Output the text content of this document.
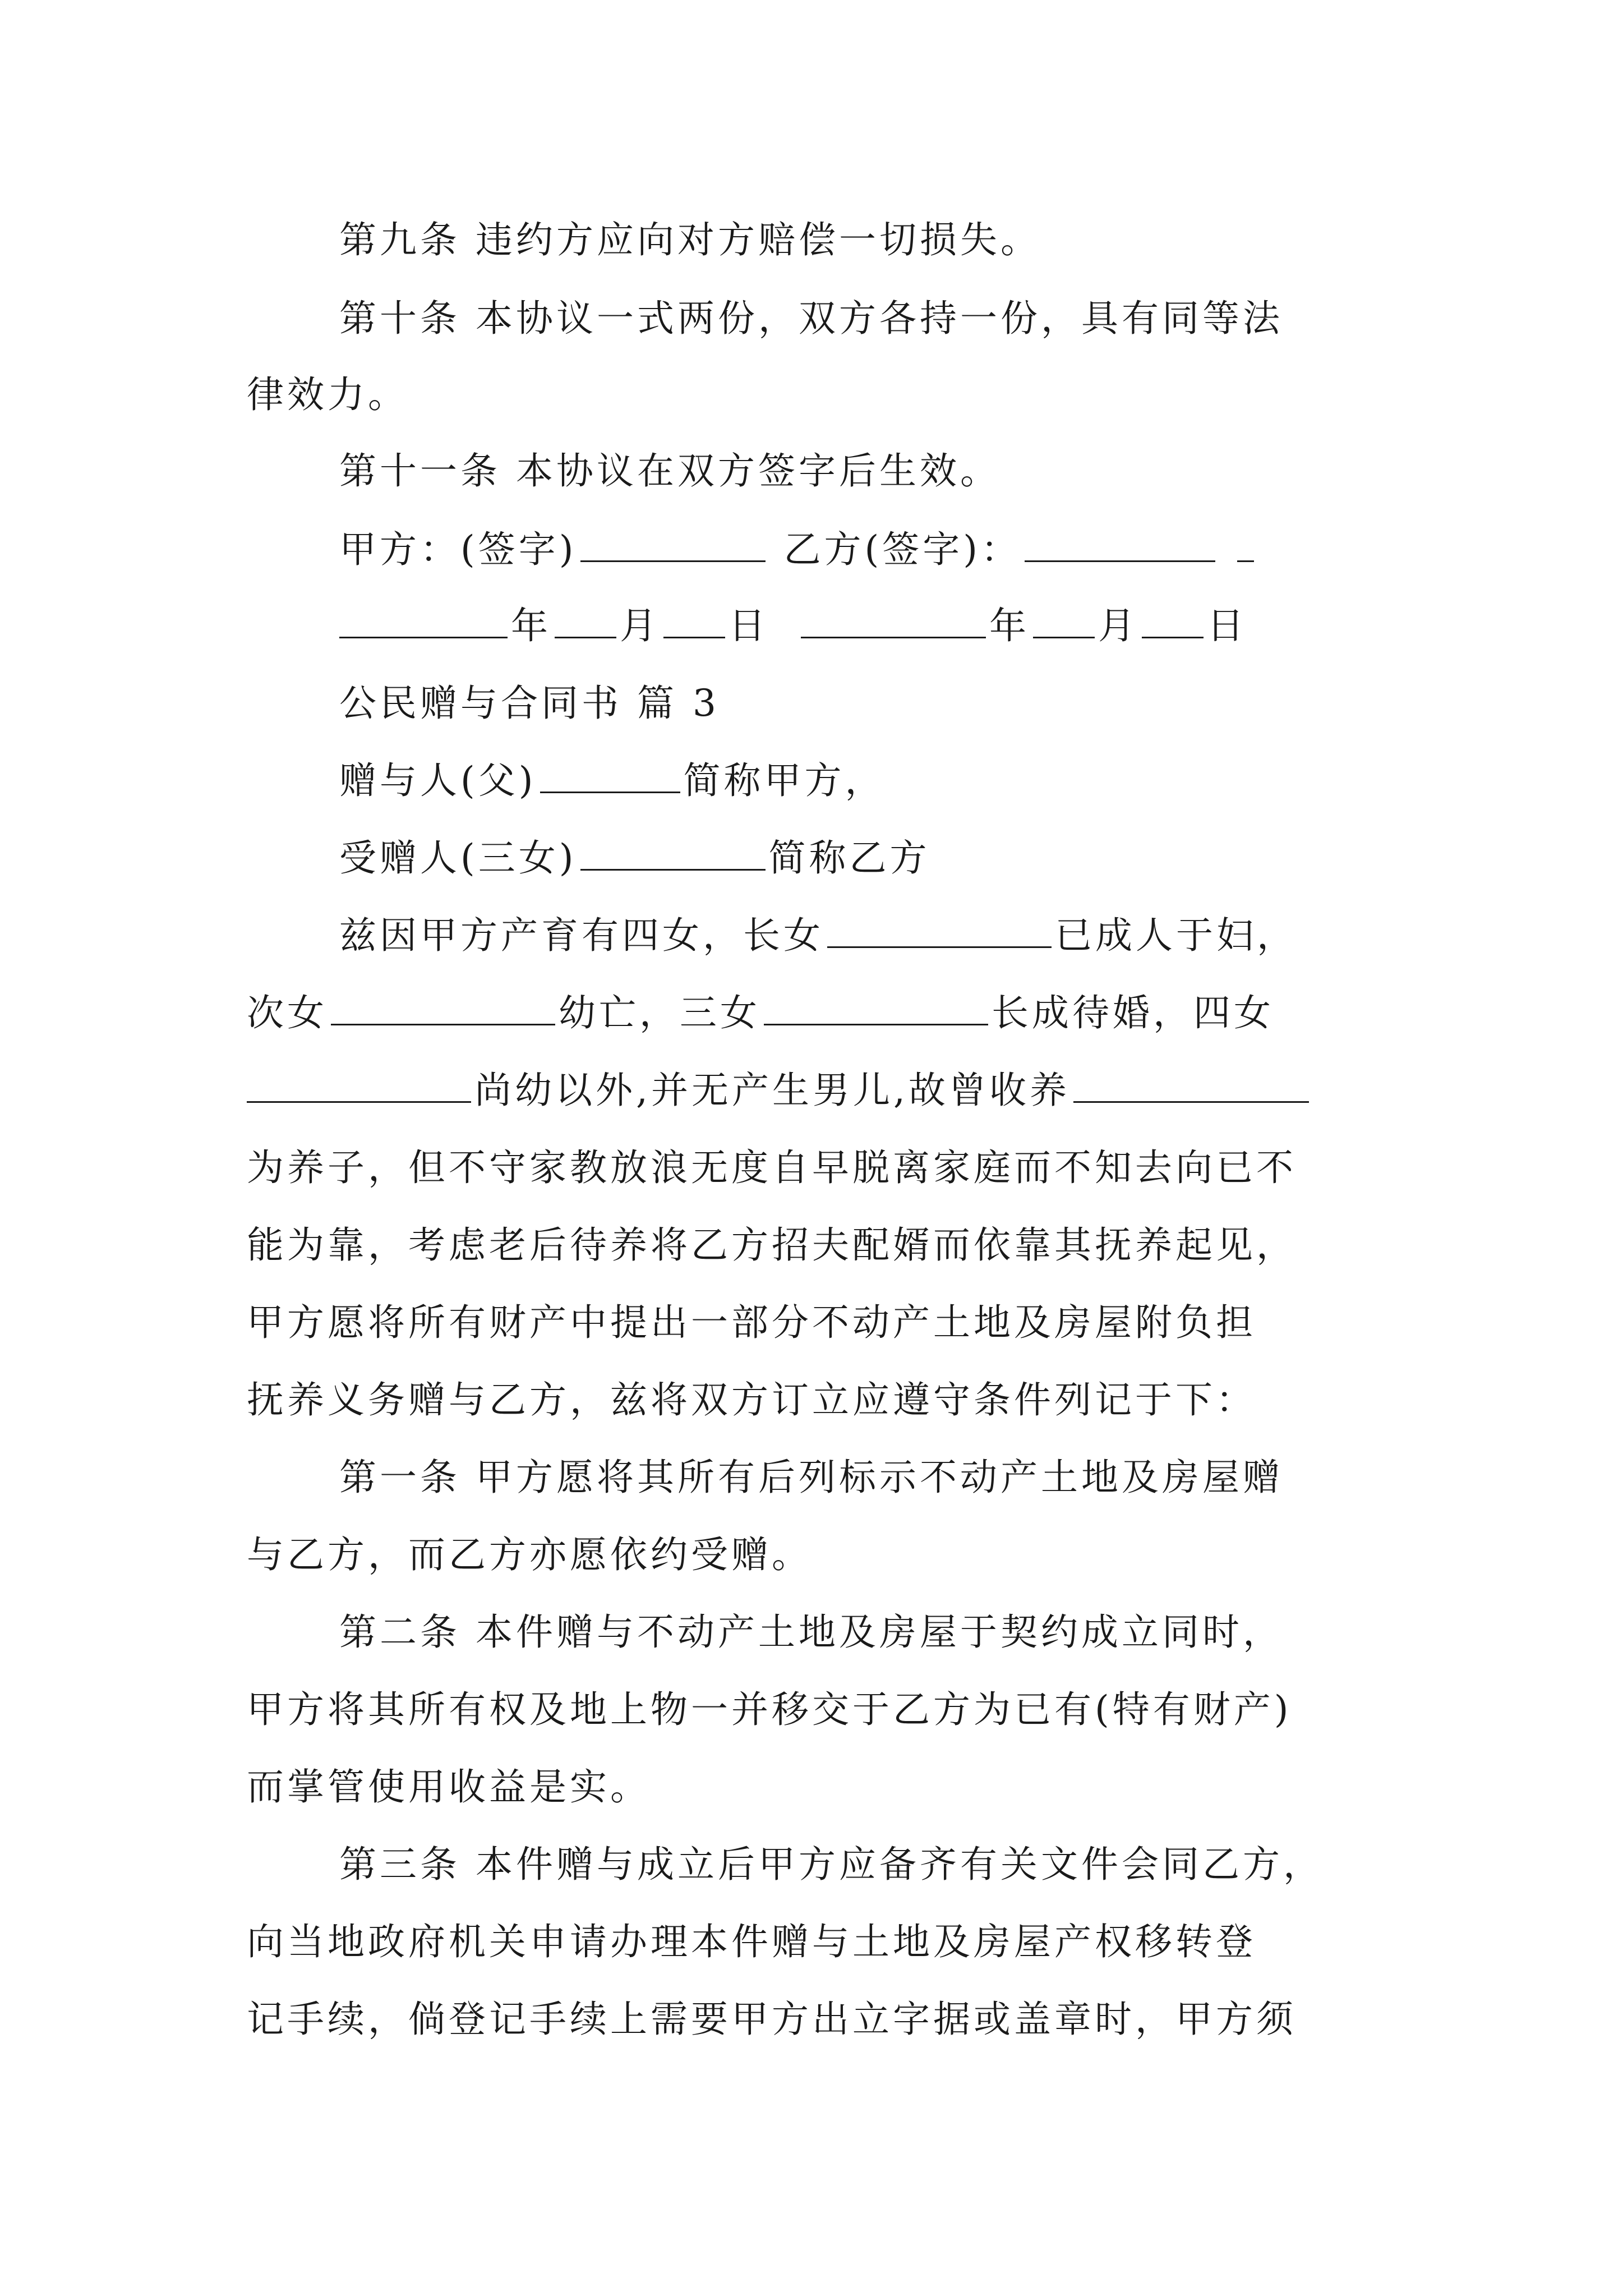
第九条 违约方应向对方赔偿一切损失。
第十条 本协议一式两份，双方各持一份，具有同等法
律效力。
第十一条 本协议在双方签字后生效。
甲方：(签字)	乙方(签字)：
年 月 日	年 月 日
公民赠与合同书 篇 3
赠与人(父)	简称甲方，
受赠人(三女)	简称乙方
兹因甲方产育有四女，长女	已成人于妇，
次女	幼亡，三女	长成待婚，四女
尚幼以外,并无产生男儿,故曾收养
为养子，但不守家教放浪无度自早脱离家庭而不知去向已不
能为靠，考虑老后待养将乙方招夫配婿而依靠其抚养起见，
甲方愿将所有财产中提出一部分不动产土地及房屋附负担
抚养义务赠与乙方，兹将双方订立应遵守条件列记于下：
第一条 甲方愿将其所有后列标示不动产土地及房屋赠
与乙方，而乙方亦愿依约受赠。
第二条 本件赠与不动产土地及房屋于契约成立同时，
甲方将其所有权及地上物一并移交于乙方为已有(特有财产)
而掌管使用收益是实。
第三条 本件赠与成立后甲方应备齐有关文件会同乙方，
向当地政府机关申请办理本件赠与土地及房屋产权移转登
记手续，倘登记手续上需要甲方出立字据或盖章时，甲方须
